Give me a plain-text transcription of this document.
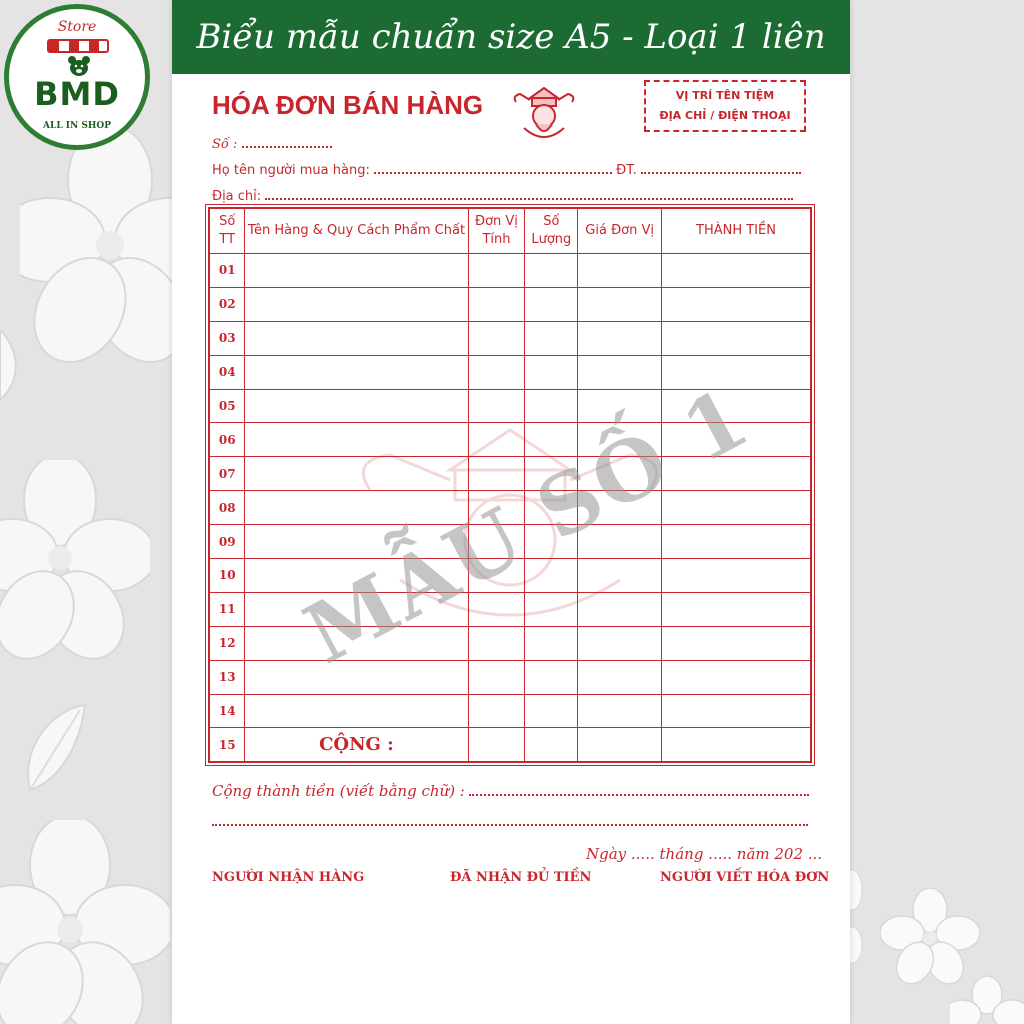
Store
BMD
ALL IN SHOP
Biểu mẫu chuẩn size A5 - Loại 1 liên
HÓA ĐƠN BÁN HÀNG	VỊ TRÍ TÊN TIỆM
ĐỊA CHỈ / ĐIỆN THOẠI
Số :
Họ tên người mua hàng:	ĐT.
Địa chỉ:
Số TT	Tên Hàng & Quy Cách Phẩm Chất	Đơn Vị Tính	Số Lượng	Giá Đơn Vị	THÀNH TIỀN
01					
02					
03					
04					
05					
06					
07					
08					
09					
10					
11					
12					
13					
14					
15	CỘNG :				
MẪU SỐ 1
Cộng thành tiền (viết bằng chữ) :
Ngày ..... tháng ..... năm 202 ...
NGƯỜI NHẬN HÀNG	ĐÃ NHẬN ĐỦ TIỀN	NGƯỜI VIẾT HÓA ĐƠN
